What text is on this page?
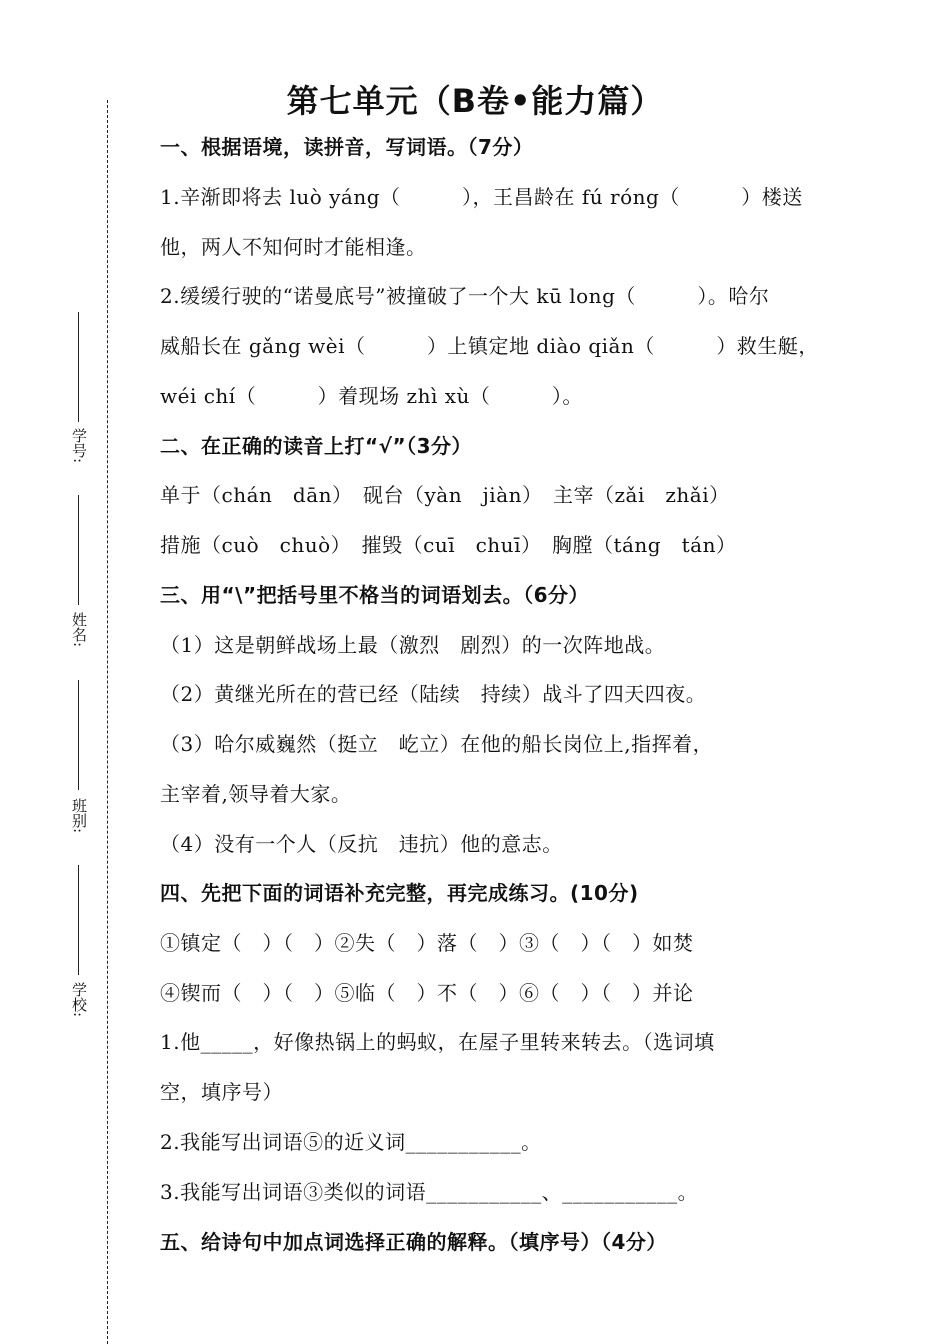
学号:
姓名:
班别:
学校:
第七单元（B卷•能力篇）
一、根据语境，读拼音，写词语。（7分）
1.辛渐即将去 luò yáng（　　　），王昌龄在 fú róng（　　　）楼送
他，两人不知何时才能相逢。
2.缓缓行驶的“诺曼底号”被撞破了一个大 kū long（　　　）。哈尔
威船长在 gǎng wèi（　　　）上镇定地 diào qiǎn（　　　）救生艇，
wéi chí（　　　）着现场 zhì xù（　　　）。
二、在正确的读音上打“√”（3分）
单于（chán　dān）　砚台（yàn　jiàn）　主宰（zǎi　zhǎi）
措施（cuò　chuò）　摧毁（cuī　chuī）　胸膛（táng　tán）
三、用“\”把括号里不格当的词语划去。（6分）
（1）这是朝鲜战场上最（激烈　剧烈）的一次阵地战。
（2）黄继光所在的营已经（陆续　持续）战斗了四天四夜。
（3）哈尔威巍然（挺立　屹立）在他的船长岗位上,指挥着，
主宰着,领导着大家。
（4）没有一个人（反抗　违抗）他的意志。
四、先把下面的词语补充完整，再完成练习。(10分)
①镇定（　）（　）②失（　）落（　）③（　）（　）如焚
④锲而（　）（　）⑤临（　）不（　）⑥（　）（　）并论
1.他_____，好像热锅上的蚂蚁，在屋子里转来转去。（选词填
空，填序号）
2.我能写出词语⑤的近义词___________。
3.我能写出词语③类似的词语___________、___________。
五、给诗句中加点词选择正确的解释。（填序号）（4分）
